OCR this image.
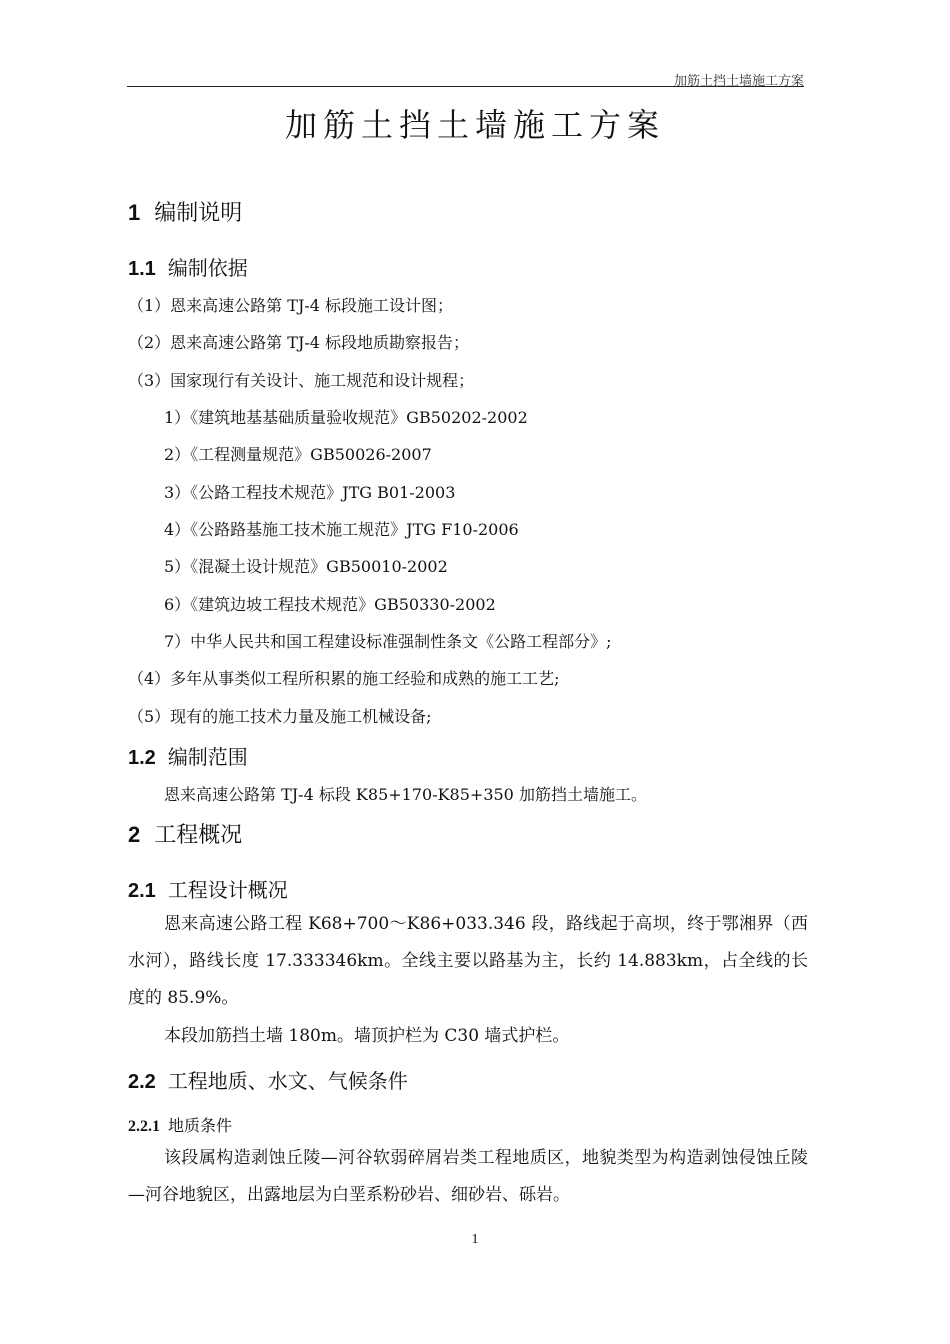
加筋土挡土墙施工方案
加筋土挡土墙施工方案
1 编制说明
1.1 编制依据
（1）恩来高速公路第 TJ-4 标段施工设计图；
（2）恩来高速公路第 TJ-4 标段地质勘察报告；
（3）国家现行有关设计、施工规范和设计规程；
1）《建筑地基基础质量验收规范》GB50202-2002
2）《工程测量规范》GB50026-2007
3）《公路工程技术规范》JTG B01-2003
4）《公路路基施工技术施工规范》JTG F10-2006
5）《混凝土设计规范》GB50010-2002
6）《建筑边坡工程技术规范》GB50330-2002
7）中华人民共和国工程建设标准强制性条文《公路工程部分》;
（4）多年从事类似工程所积累的施工经验和成熟的施工工艺;
（5）现有的施工技术力量及施工机械设备;
1.2 编制范围
恩来高速公路第 TJ-4 标段 K85+170-K85+350 加筋挡土墙施工。
2 工程概况
2.1 工程设计概况
恩来高速公路工程 K68+700～K86+033.346 段，路线起于高坝，终于鄂湘界（西水河），路线长度 17.333346km。全线主要以路基为主，长约 14.883km，占全线的长度的 85.9%。
本段加筋挡土墙 180m。墙顶护栏为 C30 墙式护栏。
2.2 工程地质、水文、气候条件
2.2.1 地质条件
该段属构造剥蚀丘陵—河谷软弱碎屑岩类工程地质区，地貌类型为构造剥蚀侵蚀丘陵—河谷地貌区，出露地层为白垩系粉砂岩、细砂岩、砾岩。
1
